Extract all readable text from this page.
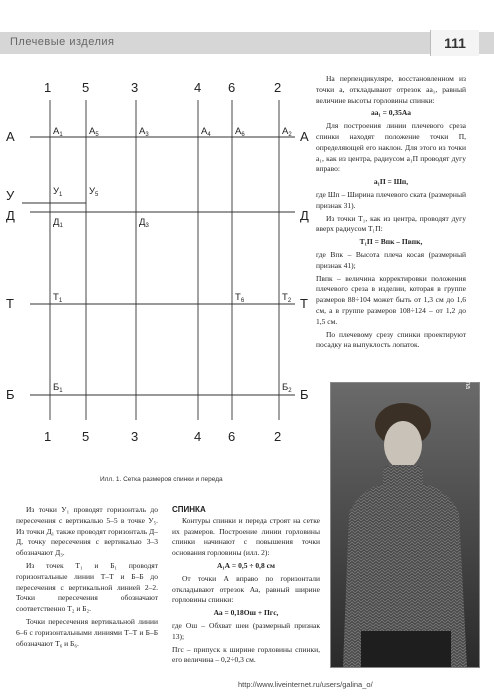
Плечевые изделия	111
1 5	3	4 6	2
1 5	3	4 6	2
А
У
Д
Т
Б
А
Д
Т
Б
$А_1$	$А_5$	$А_3$	$А_4$	$А_6$	$А_2$
$У_1$	$У_5$
$Д_1$	$Д_3$
$Т_1$	$Т_6$	$Т_2$
$Б_1$	$Б_2$
Илл. 1. Сетка размеров спинки и переда

На перпендикуляре, восстановленном из точки а, откладывают отрезок аа₁, равный величине высоты горловины спинки:

аа₁ = 0,35Аа

Для построения линии плечевого среза спинки находят положение точки П, определяющей его наклон. Для этого из точки а₁, как из центра, радиусом а₁П проводят дугу вправо:

а₁П = Шп,

где Шп – Ширина плечевого ската (размерный признак 31).

Из точки Т₁, как из центра, проводят дугу вверх радиусом Т₁П:

Т₁П = Впк – Пвпк,

где Впк – Высота плеча косая (размерный признак 41);

Пвпк – величина корректировки положения плечевого среза в изделии, которая в группе размеров 88÷104 может быть от 1,3 см до 1,6 см, а в группе размеров 108÷124 – от 1,2 до 1,5 см.

По плечевому срезу спинки проектируют посадку на выпуклость лопаток.

Zegna

Из точки У₁ проводят горизонталь до пересечения с вертикалью 5–5 в точке У₅. Из точки Д₁ также проводят горизонталь Д–Д, точку пересечения с вертикалью 3–3 обозначают Д₃.

Из точек Т₁ и Б₁ проводят горизонтальные линии Т–Т и Б–Б до пересечения с вертикальной линией 2–2. Точки пересечения обозначают соответственно Т₂ и Б₂.

Точки пересечения вертикальной линии 6–6 с горизонтальными линиями Т–Т и Б–Б обозначают Т₆ и Б₆.

СПИНКА

Контуры спинки и переда строят на сетке их размеров. Построение линии горловины спинки начинают с повышения точки основания горловины (илл. 2):

А₁А = 0,5 ÷ 0,8 см

От точки А вправо по горизонтали откладывают отрезок Аа, равный ширине горловины спинки:

Аа = 0,18Ош + Пгс,

где Ош – Обхват шеи (размерный признак 13);

Пгс – припуск к ширине горловины спинки, его величина – 0,2÷0,3 см.

http://www.liveinternet.ru/users/galina_o/
